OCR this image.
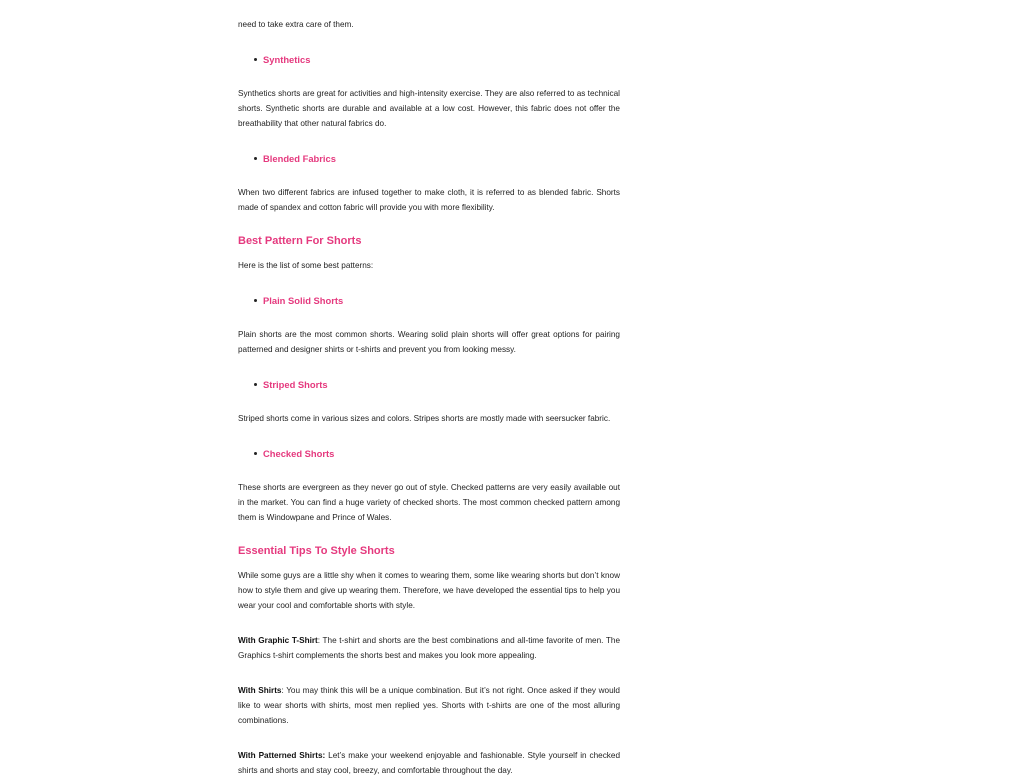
need to take extra care of them.

Synthetics

Synthetics shorts are great for activities and high-intensity exercise. They are also referred to as technical shorts. Synthetic shorts are durable and available at a low cost. However, this fabric does not offer the breathability that other natural fabrics do.

Blended Fabrics

When two different fabrics are infused together to make cloth, it is referred to as blended fabric. Shorts made of spandex and cotton fabric will provide you with more flexibility.

Best Pattern For Shorts

Here is the list of some best patterns:

Plain Solid Shorts

Plain shorts are the most common shorts. Wearing solid plain shorts will offer great options for pairing patterned and designer shirts or t-shirts and prevent you from looking messy.

Striped Shorts

Striped shorts come in various sizes and colors. Stripes shorts are mostly made with seersucker fabric.

Checked Shorts

These shorts are evergreen as they never go out of style. Checked patterns are very easily available out in the market. You can find a huge variety of checked shorts. The most common checked pattern among them is Windowpane and Prince of Wales.

Essential Tips To Style Shorts

While some guys are a little shy when it comes to wearing them, some like wearing shorts but don’t know how to style them and give up wearing them. Therefore, we have developed the essential tips to help you wear your cool and comfortable shorts with style.

With Graphic T-Shirt: The t-shirt and shorts are the best combinations and all-time favorite of men. The Graphics t-shirt complements the shorts best and makes you look more appealing.

With Shirts: You may think this will be a unique combination. But it’s not right. Once asked if they would like to wear shorts with shirts, most men replied yes. Shorts with t-shirts are one of the most alluring combinations.

With Patterned Shirts: Let’s make your weekend enjoyable and fashionable. Style yourself in checked shirts and shorts and stay cool, breezy, and comfortable throughout the day.
